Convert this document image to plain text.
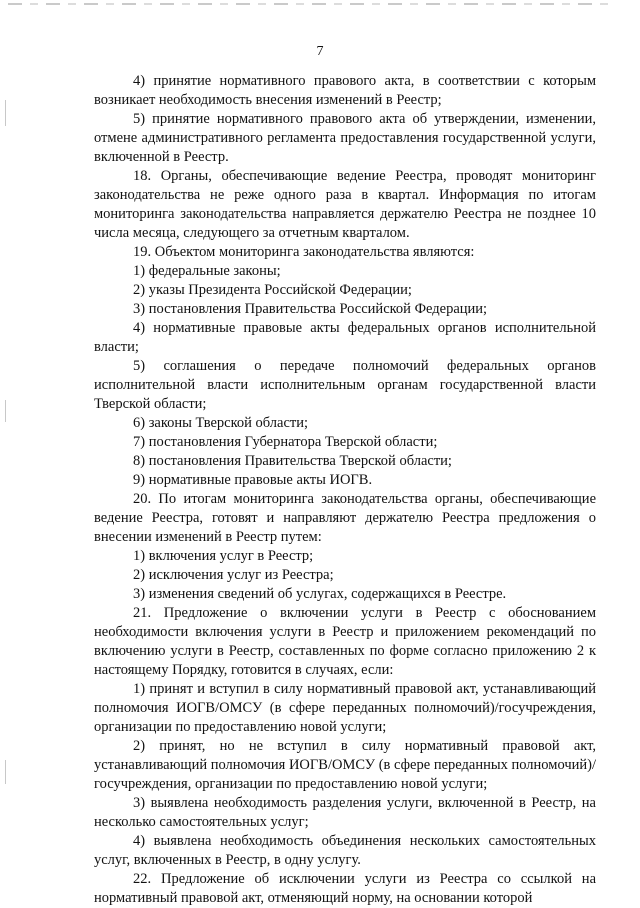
7

4) принятие нормативного правового акта, в соответствии с которым возникает необходимость внесения изменений в Реестр;

5) принятие нормативного правового акта об утверждении, изменении, отмене административного регламента предоставления государственной услуги, включенной в Реестр.

18. Органы, обеспечивающие ведение Реестра, проводят мониторинг законодательства не реже одного раза в квартал. Информация по итогам мониторинга законодательства направляется держателю Реестра не позднее 10 числа месяца, следующего за отчетным кварталом.

19. Объектом мониторинга законодательства являются:

1) федеральные законы;

2) указы Президента Российской Федерации;

3) постановления Правительства Российской Федерации;

4) нормативные правовые акты федеральных органов исполнительной власти;

5) соглашения о передаче полномочий федеральных органов исполнительной власти исполнительным органам государственной власти Тверской области;

6) законы Тверской области;

7) постановления Губернатора Тверской области;

8) постановления Правительства Тверской области;

9) нормативные правовые акты ИОГВ.

20. По итогам мониторинга законодательства органы, обеспечивающие ведение Реестра, готовят и направляют держателю Реестра предложения о внесении изменений в Реестр путем:

1) включения услуг в Реестр;

2) исключения услуг из Реестра;

3) изменения сведений об услугах, содержащихся в Реестре.

21. Предложение о включении услуги в Реестр с обоснованием необходимости включения услуги в Реестр и приложением рекомендаций по включению услуги в Реестр, составленных по форме согласно приложению 2 к настоящему Порядку, готовится в случаях, если:

1) принят и вступил в силу нормативный правовой акт, устанавливающий полномочия ИОГВ/ОМСУ (в сфере переданных полномочий)/госучреждения, организации по предоставлению новой услуги;

2) принят, но не вступил в силу нормативный правовой акт, устанавливающий полномочия ИОГВ/ОМСУ (в сфере переданных полномочий)/госучреждения, организации по предоставлению новой услуги;

3) выявлена необходимость разделения услуги, включенной в Реестр, на несколько самостоятельных услуг;

4) выявлена необходимость объединения нескольких самостоятельных услуг, включенных в Реестр, в одну услугу.

22. Предложение об исключении услуги из Реестра со ссылкой на нормативный правовой акт, отменяющий норму, на основании которой
